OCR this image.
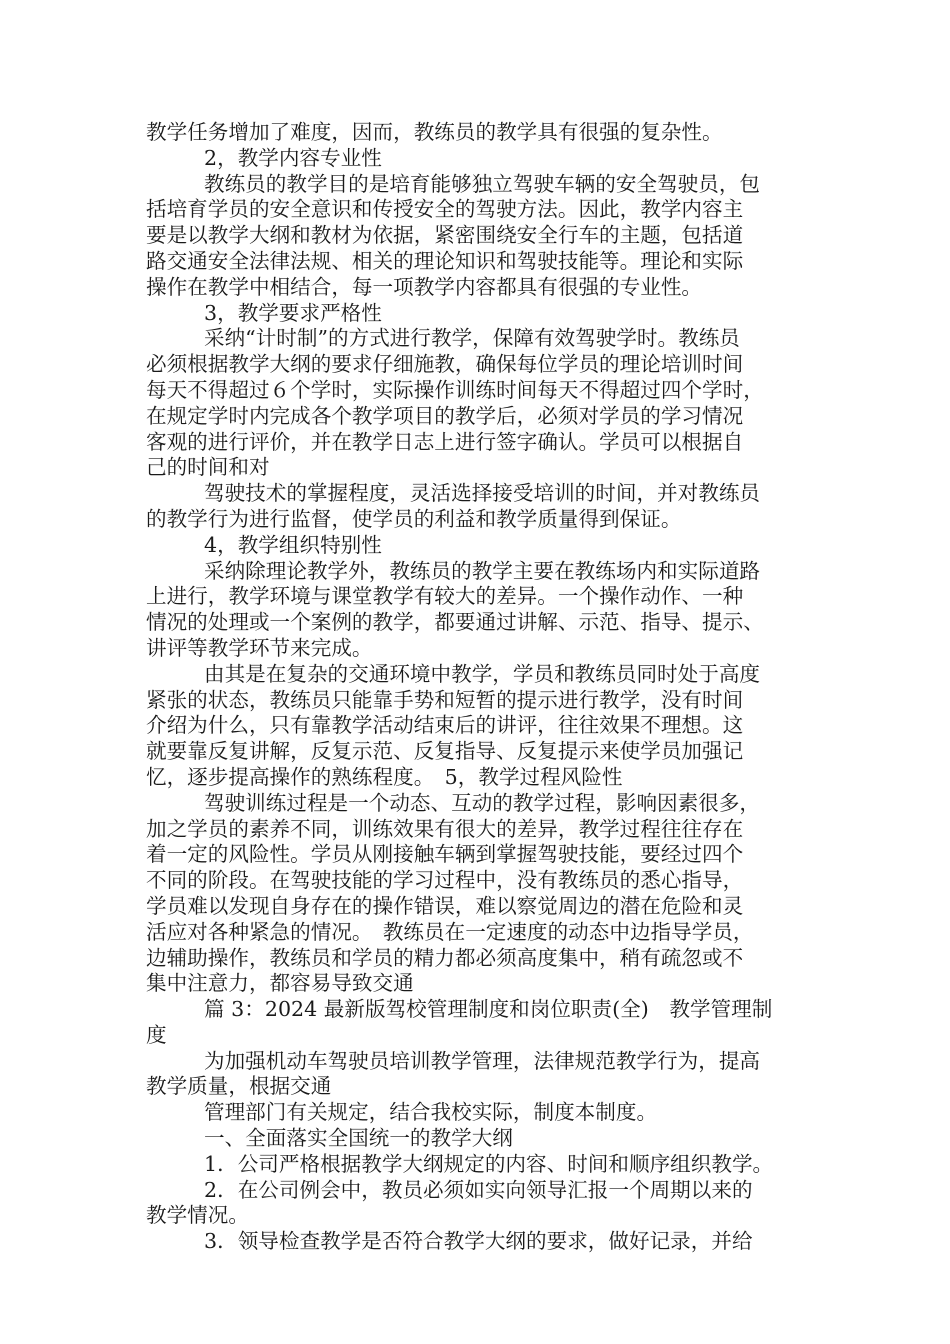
教学任务增加了难度，因而，教练员的教学具有很强的复杂性。
2，教学内容专业性
教练员的教学目的是培育能够独立驾驶车辆的安全驾驶员，包
括培育学员的安全意识和传授安全的驾驶方法。因此，教学内容主
要是以教学大纲和教材为依据，紧密围绕安全行车的主题，包括道
路交通安全法律法规、相关的理论知识和驾驶技能等。理论和实际
操作在教学中相结合，每一项教学内容都具有很强的专业性。
3，教学要求严格性
采纳“计时制”的方式进行教学，保障有效驾驶学时。教练员
必须根据教学大纲的要求仔细施教，确保每位学员的理论培训时间
每天不得超过６个学时，实际操作训练时间每天不得超过四个学时，
在规定学时内完成各个教学项目的教学后，必须对学员的学习情况
客观的进行评价，并在教学日志上进行签字确认。学员可以根据自
己的时间和对
驾驶技术的掌握程度，灵活选择接受培训的时间，并对教练员
的教学行为进行监督，使学员的利益和教学质量得到保证。
4，教学组织特别性
采纳除理论教学外，教练员的教学主要在教练场内和实际道路
上进行，教学环境与课堂教学有较大的差异。一个操作动作、一种
情况的处理或一个案例的教学，都要通过讲解、示范、指导、提示、
讲评等教学环节来完成。
由其是在复杂的交通环境中教学，学员和教练员同时处于高度
紧张的状态，教练员只能靠手势和短暂的提示进行教学，没有时间
介绍为什么，只有靠教学活动结束后的讲评，往往效果不理想。这
就要靠反复讲解，反复示范、反复指导、反复提示来使学员加强记
忆，逐步提高操作的熟练程度。　5，教学过程风险性
驾驶训练过程是一个动态、互动的教学过程，影响因素很多，
加之学员的素养不同，训练效果有很大的差异，教学过程往往存在
着一定的风险性。学员从刚接触车辆到掌握驾驶技能，要经过四个
不同的阶段。在驾驶技能的学习过程中，没有教练员的悉心指导，
学员难以发现自身存在的操作错误，难以察觉周边的潜在危险和灵
活应对各种紧急的情况。　教练员在一定速度的动态中边指导学员，
边辅助操作，教练员和学员的精力都必须高度集中，稍有疏忽或不
集中注意力，都容易导致交通
篇 3：2024 最新版驾校管理制度和岗位职责(全)　教学管理制
度
为加强机动车驾驶员培训教学管理，法律规范教学行为，提高
教学质量，根据交通
管理部门有关规定，结合我校实际，制度本制度。
一、全面落实全国统一的教学大纲
1．公司严格根据教学大纲规定的内容、时间和顺序组织教学。
2．在公司例会中，教员必须如实向领导汇报一个周期以来的
教学情况。
3．领导检查教学是否符合教学大纲的要求，做好记录，并给
